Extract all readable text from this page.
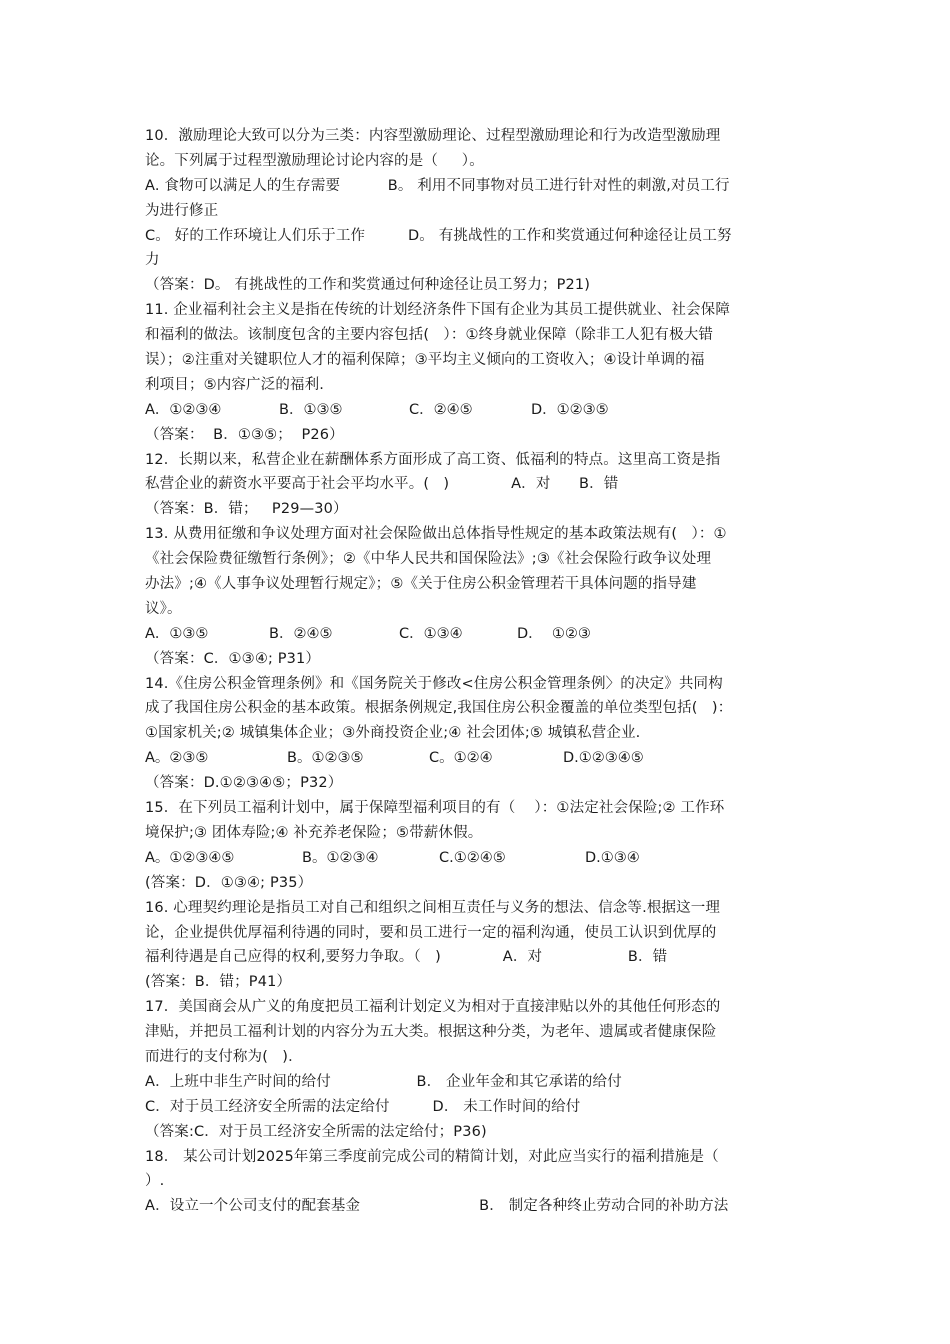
10．激励理论大致可以分为三类：内容型激励理论、过程型激励理论和行为改造型激励理
论。下列属于过程型激励理论讨论内容的是（     ）。
A. 食物可以满足人的生存需要          B。 利用不同事物对员工进行针对性的刺激,对员工行
为进行修正
C。 好的工作环境让人们乐于工作         D。 有挑战性的工作和奖赏通过何种途径让员工努
力
（答案：D。 有挑战性的工作和奖赏通过何种途径让员工努力；P21)
11. 企业福利社会主义是指在传统的计划经济条件下国有企业为其员工提供就业、社会保障
和福利的做法。该制度包含的主要内容包括(   ）：①终身就业保障（除非工人犯有极大错
误）；②注重对关键职位人才的福利保障；③平均主义倾向的工资收入；④设计单调的福
利项目；⑤内容广泛的福利.

A．①②③④

	B．①③⑤

	C．②④⑤

	D．①②③⑤

（答案：  B．①③⑤；  P26）
12．长期以来，私营企业在薪酬体系方面形成了高工资、低福利的特点。这里高工资是指
私营企业的薪资水平要高于社会平均水平。(   )             A．对      B．错
（答案：B．错；   P29—30）
13. 从费用征缴和争议处理方面对社会保险做出总体指导性规定的基本政策法规有(   ）：①
《社会保险费征缴暂行条例》；②《中华人民共和国保险法》;③《社会保险行政争议处理
办法》;④《人事争议处理暂行规定》；⑤《关于住房公积金管理若干具体问题的指导建
议》。

A．①③⑤

	B．②④⑤

	C．①③④

	D．  ①②③

（答案：C．①③④; P31）
14.《住房公积金管理条例》和《国务院关于修改<住房公积金管理条例〉的决定》共同构
成了我国住房公积金的基本政策。根据条例规定,我国住房公积金覆盖的单位类型包括(   )：
①国家机关;② 城镇集体企业；③外商投资企业;④ 社会团体;⑤ 城镇私营企业.

A。②③⑤

	B。①②③⑤

	C。①②④

	D.①②③④⑤

（答案：D.①②③④⑤；P32）
15．在下列员工福利计划中，属于保障型福利项目的有（    ）：①法定社会保险;② 工作环
境保护;③ 团体寿险;④ 补充养老保险；⑤带薪休假。

A。①②③④⑤

	B。①②③④

	C.①②④⑤

	D.①③④

(答案：D．①③④; P35）
16. 心理契约理论是指员工对自己和组织之间相互责任与义务的想法、信念等.根据这一理
论，企业提供优厚福利待遇的同时，要和员工进行一定的福利沟通，使员工认识到优厚的
福利待遇是自己应得的权利,要努力争取。（   )             A．对                  B．错
(答案：B．错；P41）
17．美国商会从广义的角度把员工福利计划定义为相对于直接津贴以外的其他任何形态的
津贴，并把员工福利计划的内容分为五大类。根据这种分类，为老年、遗属或者健康保险
而进行的支付称为(   )．
A．上班中非生产时间的给付                  B． 企业年金和其它承诺的给付
C．对于员工经济安全所需的法定给付         D． 未工作时间的给付
（答案:C．对于员工经济安全所需的法定给付；P36)
18． 某公司计划2025年第三季度前完成公司的精简计划，对此应当实行的福利措施是（
）.
A．设立一个公司支付的配套基金                         B． 制定各种终止劳动合同的补助方法
